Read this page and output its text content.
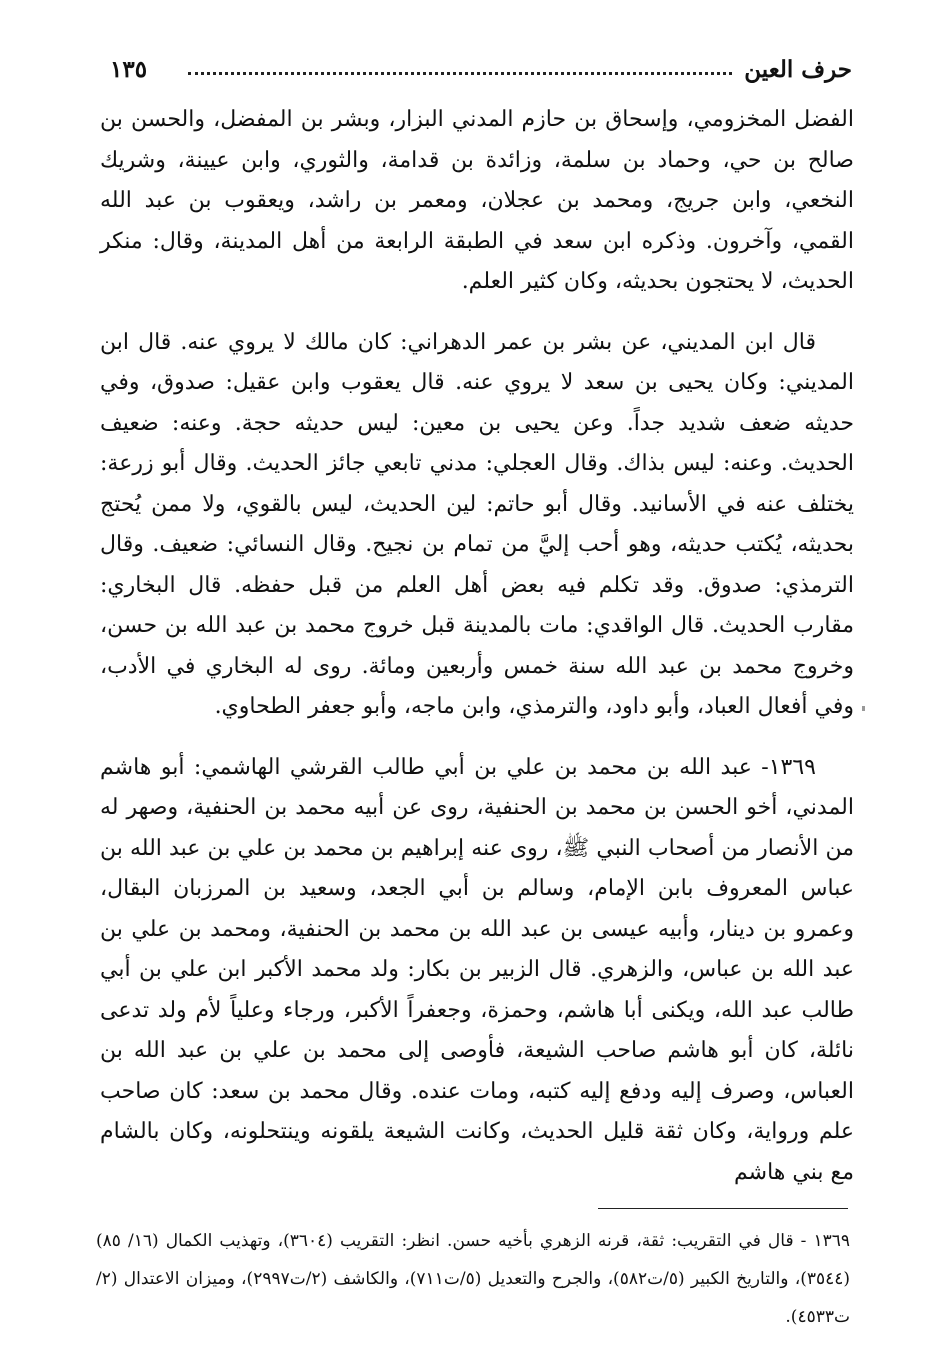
حرف العين
١٣٥

الفضل المخزومي، وإسحاق بن حازم المدني البزار، وبشر بن المفضل، والحسن بن صالح بن حي، وحماد بن سلمة، وزائدة بن قدامة، والثوري، وابن عيينة، وشريك النخعي، وابن جريج، ومحمد بن عجلان، ومعمر بن راشد، ويعقوب بن عبد الله القمي، وآخرون. وذكره ابن سعد في الطبقة الرابعة من أهل المدينة، وقال: منكر الحديث، لا يحتجون بحديثه، وكان كثير العلم.

قال ابن المديني، عن بشر بن عمر الدهراني: كان مالك لا يروي عنه. قال ابن المديني: وكان يحيى بن سعد لا يروي عنه. قال يعقوب وابن عقيل: صدوق، وفي حديثه ضعف شديد جداً. وعن يحيى بن معين: ليس حديثه حجة. وعنه: ضعيف الحديث. وعنه: ليس بذاك. وقال العجلي: مدني تابعي جائز الحديث. وقال أبو زرعة: يختلف عنه في الأسانيد. وقال أبو حاتم: لين الحديث، ليس بالقوي، ولا ممن يُحتج بحديثه، يُكتب حديثه، وهو أحب إليَّ من تمام بن نجيح. وقال النسائي: ضعيف. وقال الترمذي: صدوق. وقد تكلم فيه بعض أهل العلم من قبل حفظه. قال البخاري: مقارب الحديث. قال الواقدي: مات بالمدينة قبل خروج محمد بن عبد الله بن حسن، وخروج محمد بن عبد الله سنة خمس وأربعين ومائة. روى له البخاري في الأدب، وفي أفعال العباد، وأبو داود، والترمذي، وابن ماجه، وأبو جعفر الطحاوي.

١٣٦٩- عبد الله بن محمد بن علي بن أبي طالب القرشي الهاشمي: أبو هاشم المدني، أخو الحسن بن محمد بن الحنفية، روى عن أبيه محمد بن الحنفية، وصهر له من الأنصار من أصحاب النبي ﷺ، روى عنه إبراهيم بن محمد بن علي بن عبد الله بن عباس المعروف بابن الإمام، وسالم بن أبي الجعد، وسعيد بن المرزبان البقال، وعمرو بن دينار، وأبيه عيسى بن عبد الله بن محمد بن الحنفية، ومحمد بن علي بن عبد الله بن عباس، والزهري. قال الزبير بن بكار: ولد محمد الأكبر ابن علي بن أبي طالب عبد الله، ويكنى أبا هاشم، وحمزة، وجعفراً الأكبر، ورجاء وعلياً لأم ولد تدعى نائلة، كان أبو هاشم صاحب الشيعة، فأوصى إلى محمد بن علي بن عبد الله بن العباس، وصرف إليه ودفع إليه كتبه، ومات عنده. وقال محمد بن سعد: كان صاحب علم ورواية، وكان ثقة قليل الحديث، وكانت الشيعة يلقونه وينتحلونه، وكان بالشام مع بني هاشم

١٣٦٩ - قال في التقريب: ثقة، قرنه الزهري بأخيه حسن. انظر: التقريب (٣٦٠٤)، وتهذيب الكمال (١٦/ ٨٥) (٣٥٤٤)، والتاريخ الكبير (٥/ت٥٨٢)، والجرح والتعديل (٥/ت٧١١)، والكاشف (٢/ت٢٩٩٧)، وميزان الاعتدال (٢/ت٤٥٣٣).
